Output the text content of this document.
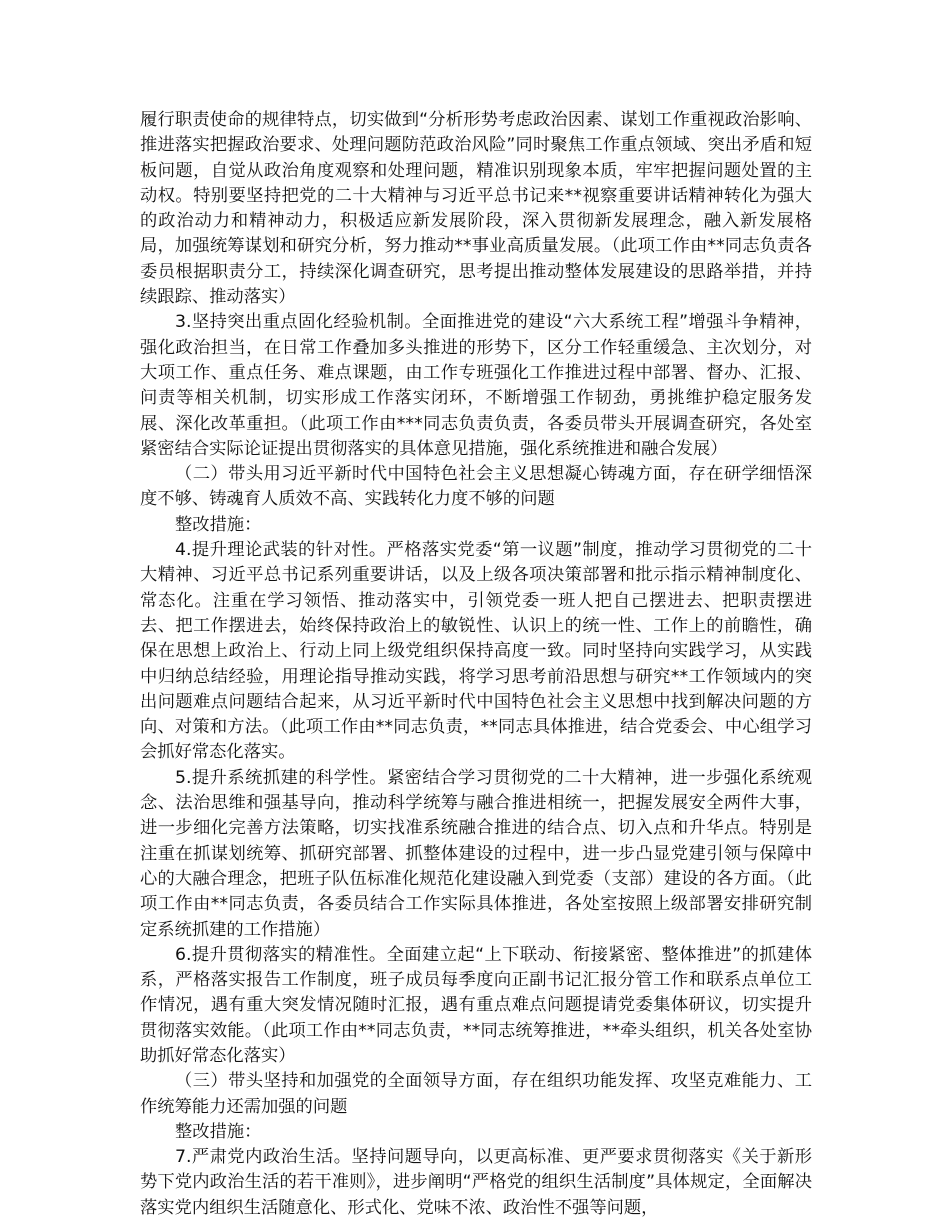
履行职责使命的规律特点，切实做到“分析形势考虑政治因素、谋划工作重视政治影响、推进落实把握政治要求、处理问题防范政治风险”同时聚焦工作重点领域、突出矛盾和短板问题，自觉从政治角度观察和处理问题，精准识别现象本质，牢牢把握问题处置的主动权。特别要坚持把党的二十大精神与习近平总书记来**视察重要讲话精神转化为强大的政治动力和精神动力，积极适应新发展阶段，深入贯彻新发展理念，融入新发展格局，加强统筹谋划和研究分析，努力推动**事业高质量发展。（此项工作由**同志负责各委员根据职责分工，持续深化调查研究，思考提出推动整体发展建设的思路举措，并持续跟踪、推动落实）

3.坚持突出重点固化经验机制。全面推进党的建设“六大系统工程”增强斗争精神，强化政治担当，在日常工作叠加多头推进的形势下，区分工作轻重缓急、主次划分，对大项工作、重点任务、难点课题，由工作专班强化工作推进过程中部署、督办、汇报、问责等相关机制，切实形成工作落实闭环，不断增强工作韧劲，勇挑维护稳定服务发展、深化改革重担。（此项工作由***同志负责负责，各委员带头开展调查研究，各处室紧密结合实际论证提出贯彻落实的具体意见措施，强化系统推进和融合发展）

（二）带头用习近平新时代中国特色社会主义思想凝心铸魂方面，存在研学细悟深度不够、铸魂育人质效不高、实践转化力度不够的问题

整改措施：

4.提升理论武装的针对性。严格落实党委“第一议题”制度，推动学习贯彻党的二十大精神、习近平总书记系列重要讲话，以及上级各项决策部署和批示指示精神制度化、常态化。注重在学习领悟、推动落实中，引领党委一班人把自己摆进去、把职责摆进去、把工作摆进去，始终保持政治上的敏锐性、认识上的统一性、工作上的前瞻性，确保在思想上政治上、行动上同上级党组织保持高度一致。同时坚持向实践学习，从实践中归纳总结经验，用理论指导推动实践，将学习思考前沿思想与研究**工作领域内的突出问题难点问题结合起来，从习近平新时代中国特色社会主义思想中找到解决问题的方向、对策和方法。（此项工作由**同志负责，**同志具体推进，结合党委会、中心组学习会抓好常态化落实。

5.提升系统抓建的科学性。紧密结合学习贯彻党的二十大精神，进一步强化系统观念、法治思维和强基导向，推动科学统筹与融合推进相统一，把握发展安全两件大事，进一步细化完善方法策略，切实找准系统融合推进的结合点、切入点和升华点。特别是注重在抓谋划统筹、抓研究部署、抓整体建设的过程中，进一步凸显党建引领与保障中心的大融合理念，把班子队伍标准化规范化建设融入到党委（支部）建设的各方面。（此项工作由**同志负责，各委员结合工作实际具体推进，各处室按照上级部署安排研究制定系统抓建的工作措施）

6.提升贯彻落实的精准性。全面建立起“上下联动、衔接紧密、整体推进”的抓建体系，严格落实报告工作制度，班子成员每季度向正副书记汇报分管工作和联系点单位工作情况，遇有重大突发情况随时汇报，遇有重点难点问题提请党委集体研议，切实提升贯彻落实效能。（此项工作由**同志负责，**同志统筹推进，**牵头组织，机关各处室协助抓好常态化落实）

（三）带头坚持和加强党的全面领导方面，存在组织功能发挥、攻坚克难能力、工作统筹能力还需加强的问题

整改措施：

7.严肃党内政治生活。坚持问题导向，以更高标准、更严要求贯彻落实《关于新形势下党内政治生活的若干准则》，进步阐明“严格党的组织生活制度”具体规定，全面解决落实党内组织生活随意化、形式化、党味不浓、政治性不强等问题，
